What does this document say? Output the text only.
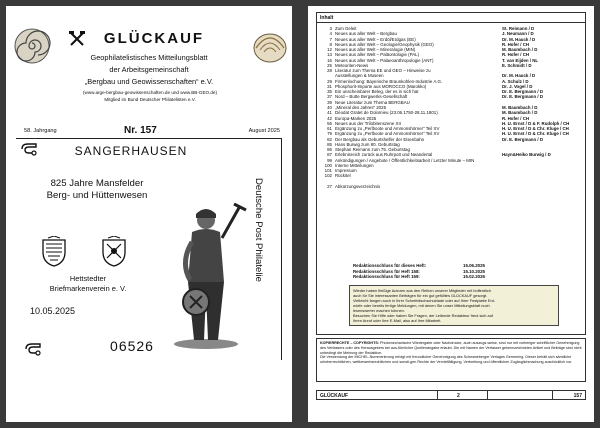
GLÜCKAUF
Geophilatelistisches Mitteilungsblatt
der Arbeitsgemeinschaft
„Bergbau und Geowissenschaften“ e.V.
(www.arge-bergbau-geowissenschaften.de und www.BB-GEO.de)
Mitglied im Bund Deutscher Philatelisten e.V.
58. Jahrgang	Nr. 157	August 2025
SANGERHAUSEN
825 Jahre Mansfelder
Berg- und Hüttenwesen
Hettstedter
Briefmarkenverein e. V.
10.05.2025
06526
Deutsche Post Philatelie
Inhalt
3 Zum Geleit	St. Reimann / D
4 Neues aus aller Welt – Bergbau	J. Neumann / D
7 Neues aus aller Welt – Erdöl/Erdgas (EE)	Dr. M. Hauck / D
8 Neues aus aller Welt – Geologie/Geophysik (GEO)	R. Hofer / CH
12 Neues aus aller Welt – Mineralogie (MIN)	M. Baumbach / D
13 Neues aus aller Welt – Paläontologie (PAL)	R. Hofer / CH
16 Neues aus aller Welt – Palaeoanthropologie (ANT)	T. van Eijden / NL
25 Meteoriten-News	E. Schmidt / D
28 Literatur zum Thema EE und GEO – Hinweise zu
Ausstellungen & Museen	Dr. M. Hauck / D
29 Firmenlochung: Bayerische Braunkohlen-Industrie A.G.	A. Schulz / D
31 Phosphorit-Importe aus MOROCCO (Marokko)	Dr. J. Vogel / D
35 Ein unscheinbarer Beleg, der es in sich hat	Dr. E. Bergmann / D
37 Nord – Butte Bergwerks-Gesellschaft	Dr. E. Bergmann / D
39 Neue Literatur zum Thema BERGBAU
40 „Mineral des Jahres“ 2025	M. Baumbach / D
41 Déodat Gratet de Dolomieu (23.06.1750-28.11.1801)	M. Baumbach / D
42 Europa-Marken 2025	R. Hofer / CH
56 Neues aus der Trilobitenszene XII	H. U. Ernst / D & F. Rudolph / CH
61 Ergänzung zu „Perlboote und Ammonshörner“ Teil XV	H. U. Ernst / D & Chr. Kluge / CH
79 Ergänzung zu „Perlboote und Ammonshörner“ Teil XV	H. U. Ernst / D & Chr. Kluge / CH
82 Der Bergbau als Geburtshelfer der Eisenbahn	Dr. E. Bergmann / D
85 Hans Burwig zum 80. Geburtstag
86 Stephan Reimann zum 75. Geburtstag
87 Erlebnisreich zurück aus Ruhrpott und Neandertal	Hayn&Heiko Burwig / D
99 Ankündigungen / Angebote / Öffentlichkeitsarbeit / Letzter Minute – MIN
100 Interne Mitteilungen
101 Impressum
102 Rückitel
27 Abkürzungsverzeichnis
Redaktionsschluss für dieses Heft:	15.06.2025
Redaktionsschluss für Heft 158:	15.10.2025
Redaktionsschluss für Heft 159:	15.02.2026

Wieder haben fleißige Autoren aus den Reihen unserer Mitglieder mit hoffentlich

auch für Sie interessanten Beiträgen für ein gut gefülltes GLÜCKAUF gesorgt.

Vielleicht fangen auch in Ihrer Schreibtischschublade oder auf Ihrer Festplatte Ent-

würfe oder bereits fertige Meldungen, mit denen Sie unser Mitteilungsblatt noch

lesenswerter machen können.

Besuchen Sie Hilfe oder haben Sie Fragen, der Leitende Redakteur freut sich auf

Ihren Anruf oder Ihre E-Mail, also auf Ihre Mitarbeit.

KOPIERRECHTE – COPYRIGHTS: Photomechanische Wiedergabe oder Nachdrucke, auch auszugs-weise, sind nur mit vorheriger schriftlicher Genehmigung des Verfassers oder des Herausgebers bei aus-führlicher Quellenangabe erlaubt. Die mit Namen der Verfasser gekennzeichneten Artikel und Beiträge sind nicht unbedingt die Meinung der Redaktion.
Die Verwendung der MICHEL-Nummerierung erfolgt mit freundlicher Genehmigung des Schwaneberger Verlages Germering. Dieser behält sich sämtliche urheberrechtlichen, wettbewerbsrechtlichen und sonsti-gen Rechte der Vervielfältigung, Verbreitung und öffentlichen Zugänglichmachung ausdrücklich vor.
GLÜCKAUF	2	157
